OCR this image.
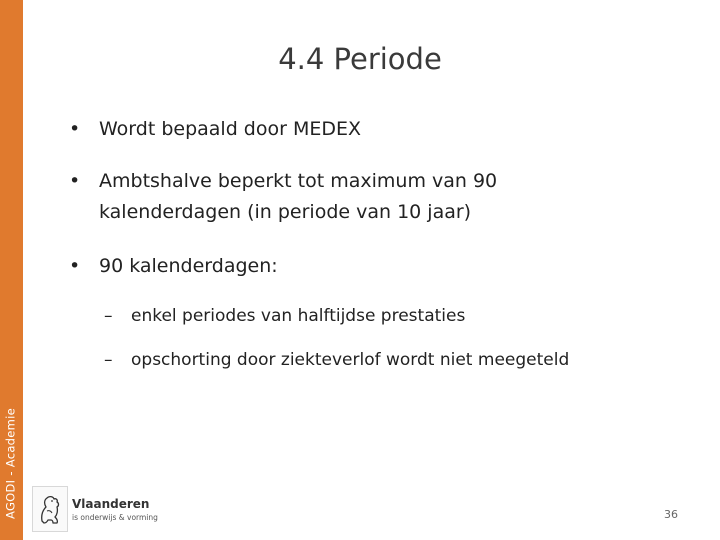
AGODI - Academie
4.4 Periode
• Wordt bepaald door MEDEX
• Ambtshalve beperkt tot maximum van 90
kalenderdagen (in periode van 10 jaar)
• 90 kalenderdagen:
– enkel periodes van halftijdse prestaties
– opschorting door ziekteverlof wordt niet meegeteld
Vlaanderen
is onderwijs & vorming	36
